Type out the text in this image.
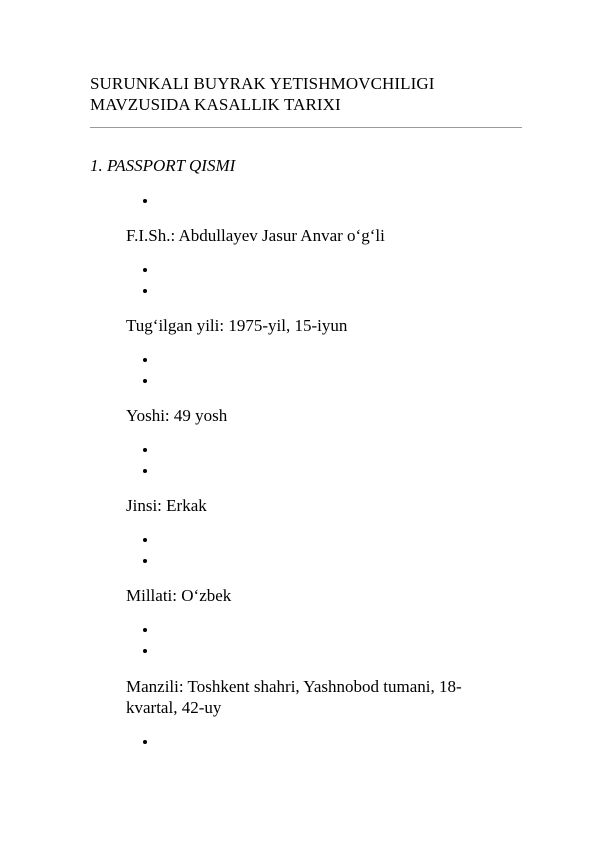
SURUNKALI BUYRAK YETISHMOVCHILIGI
MAVZUSIDA KASALLIK TARIXI
1. PASSPORT QISMI
F.I.Sh.: Abdullayev Jasur Anvar o‘g‘li
Tug‘ilgan yili: 1975-yil, 15-iyun
Yoshi: 49 yosh
Jinsi: Erkak
Millati: O‘zbek
Manzili: Toshkent shahri, Yashnobod tumani, 18-kvartal, 42-uy
